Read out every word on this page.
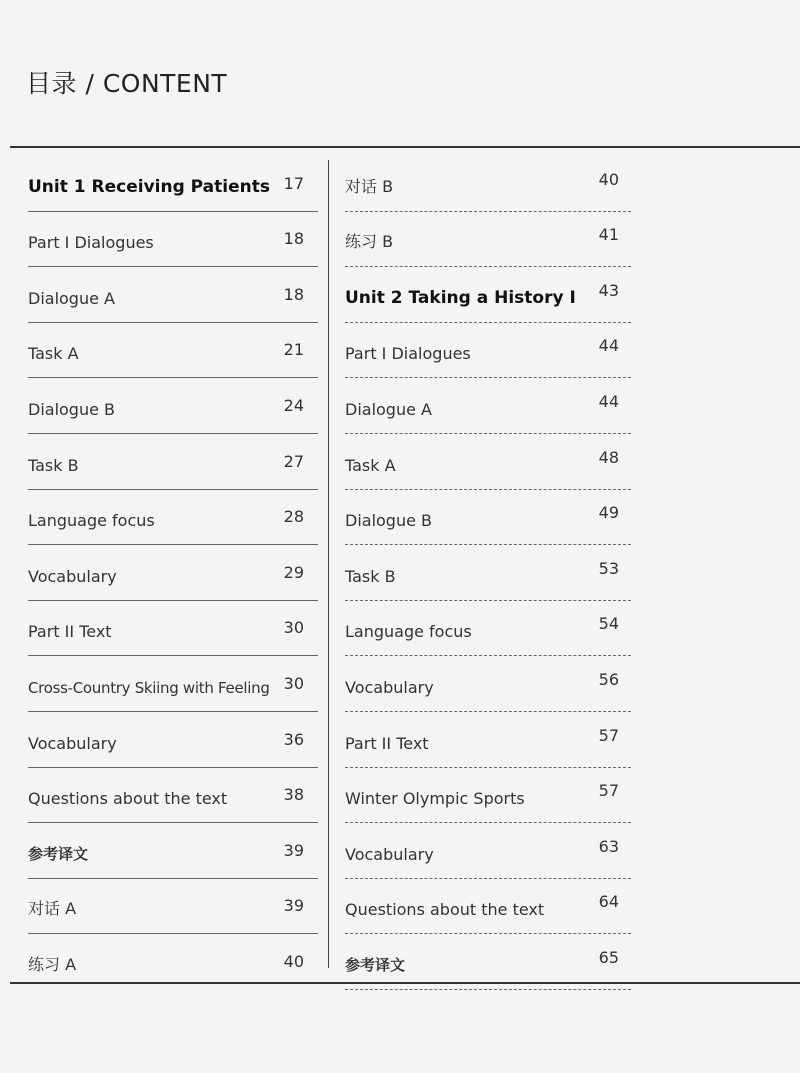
目录 / CONTENT
Unit 1 Receiving Patients 17
Part I Dialogues	18
Dialogue A	18
Task A	21
Dialogue B	24
Task B	27
Language focus	28
Vocabulary	29
Part II Text	30
Cross-Country Skiing with Feeling 30
Vocabulary	36
Questions about the text	38
参考译文	39
对话 A	39
练习 A	40
对话 B	40
练习 B	41
Unit 2 Taking a History I 43
Part I Dialogues	44
Dialogue A	44
Task A	48
Dialogue B	49
Task B	53
Language focus	54
Vocabulary	56
Part II Text	57
Winter Olympic Sports	57
Vocabulary	63
Questions about the text	64
参考译文	65
